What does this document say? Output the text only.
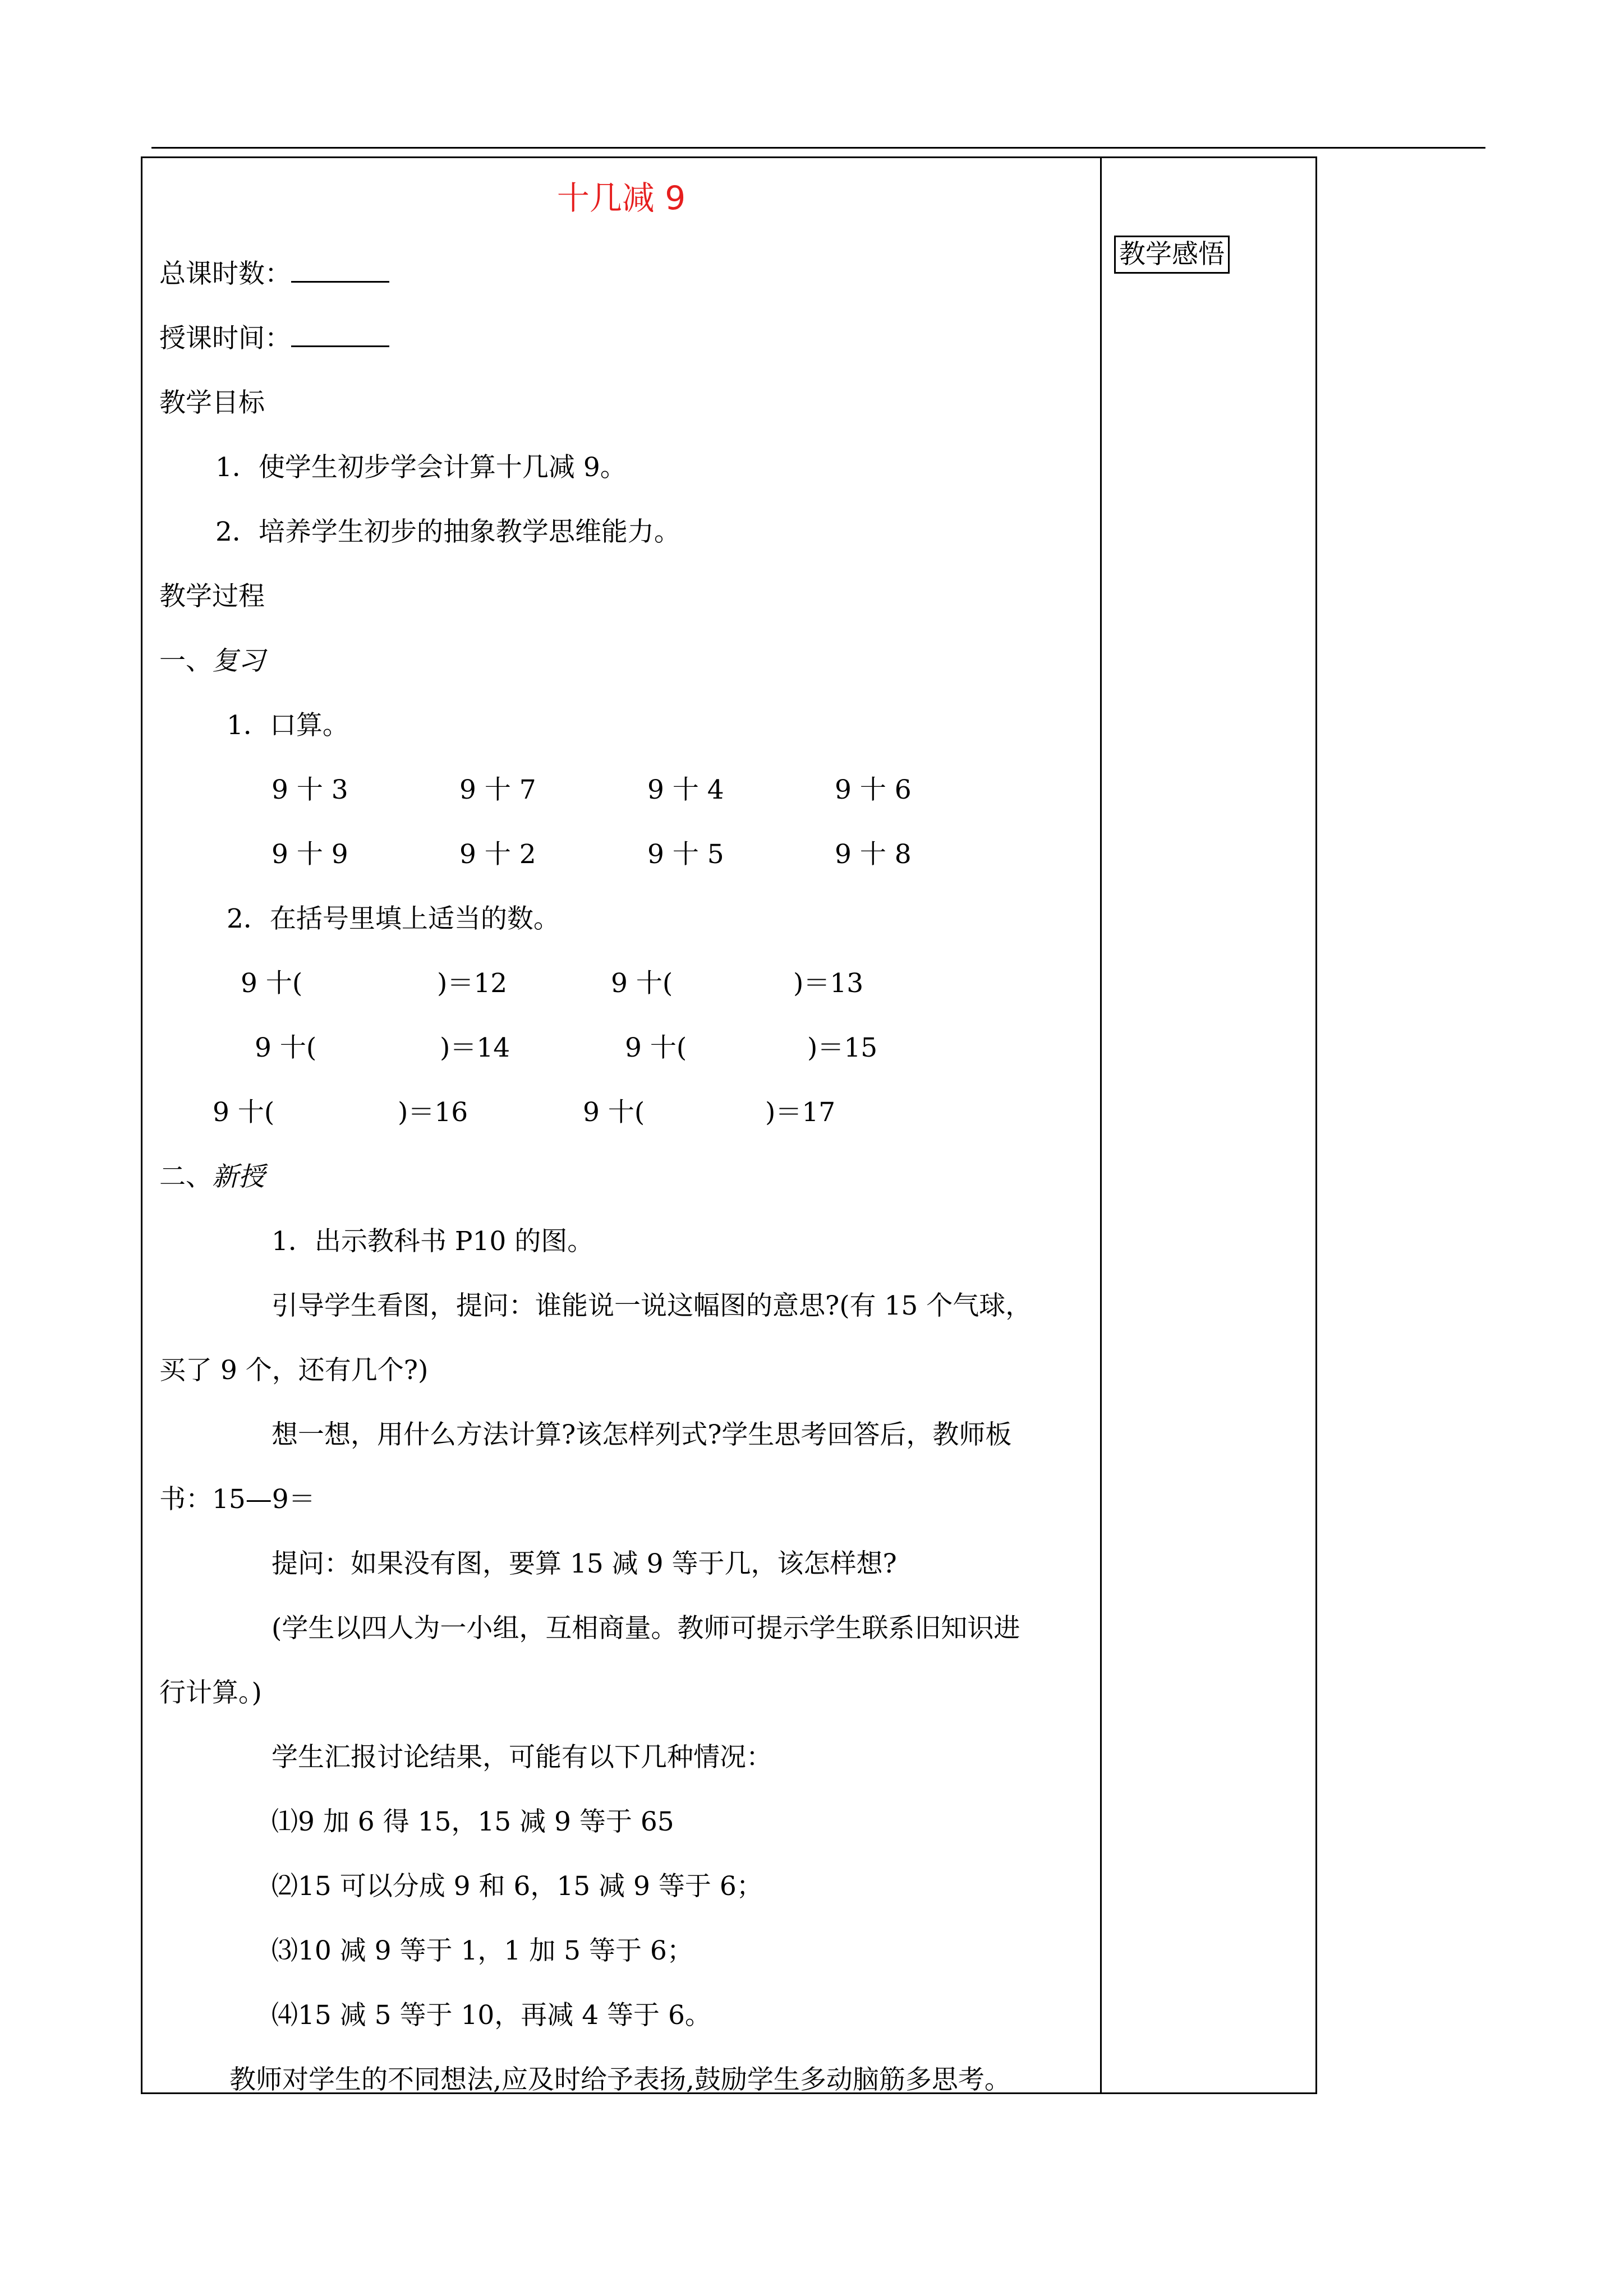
十几减 9
总课时数：
授课时间：
教学目标
1．使学生初步学会计算十几减 9。
2．培养学生初步的抽象教学思维能力。
教学过程
一、复习
1．口算。
9 十 3	9 十 7	9 十 4	9 十 6
9 十 9	9 十 2	9 十 5	9 十 8
2．在括号里填上适当的数。
9 十(	)＝12	9 十(	)＝13
9 十(	)＝14	9 十(	)＝15
9 十(	)＝16	9 十(	)＝17
二、新授
1．出示教科书 P10 的图。
引导学生看图，提问：谁能说一说这幅图的意思?(有 15 个气球，
买了 9 个，还有几个?)
想一想，用什么方法计算?该怎样列式?学生思考回答后，教师板
书：15—9＝
提问：如果没有图，要算 15 减 9 等于几，该怎样想?
(学生以四人为一小组，互相商量。教师可提示学生联系旧知识进
行计算。)
学生汇报讨论结果，可能有以下几种情况：
⑴9 加 6 得 15，15 减 9 等于 65
⑵15 可以分成 9 和 6，15 减 9 等于 6；
⑶10 减 9 等于 1，1 加 5 等于 6；
⑷15 减 5 等于 10，再减 4 等于 6。
教师对学生的不同想法,应及时给予表扬,鼓励学生多动脑筋多思考。
教学感悟
